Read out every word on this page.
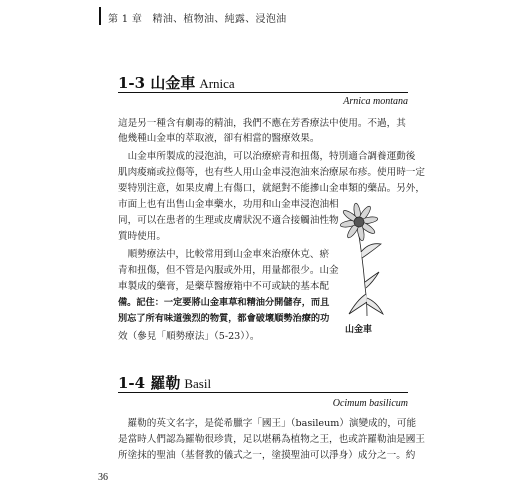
第 1 章　精油、植物油、純露、浸泡油
1-3 山金車 Arnica
Arnica montana
這是另一種含有劇毒的精油，我們不應在芳香療法中使用。不過，其
他幾種山金車的萃取液，卻有相當的醫療效果。
　山金車所製成的浸泡油，可以治療瘀青和扭傷，特別適合調養運動後
肌肉痠痛或拉傷等，也有些人用山金車浸泡油來治療尿布疹。使用時一定
要特別注意，如果皮膚上有傷口，就絕對不能摻山金車類的藥品。另外，
市面上也有出售山金車藥水，功用和山金車浸泡油相
同，可以在患者的生理或皮膚狀況不適合接觸油性物
質時使用。
　順勢療法中，比較常用到山金車來治療休克、瘀
青和扭傷，但不管是內服或外用，用量都很少。山金
車製成的藥膏，是藥草醫療箱中不可或缺的基本配
備。記住：一定要將山金車草和精油分開儲存，而且
別忘了所有味道強烈的物質，都會破壞順勢治療的功
效（參見「順勢療法」（5-23））。
山金車
1-4 羅勒 Basil
Ocimum basilicum
　羅勒的英文名字，是從希臘字「國王」（basileum）演變成的，可能
是當時人們認為羅勒很珍貴，足以堪稱為植物之王，也或許羅勒油是國王
所塗抹的聖油（基督教的儀式之一，塗摸聖油可以淨身）成分之一。約
36
